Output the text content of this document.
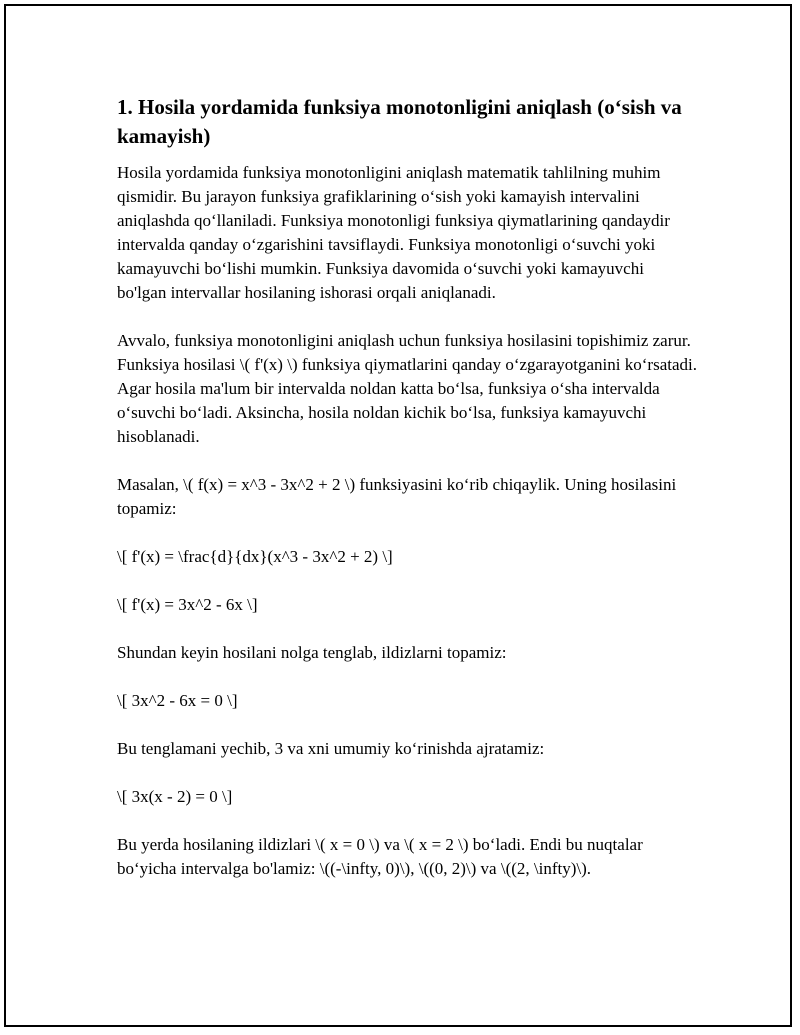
1. Hosila yordamida funksiya monotonligini aniqlash (oʻsish va kamayish)

Hosila yordamida funksiya monotonligini aniqlash matematik tahlilning muhim qismidir. Bu jarayon funksiya grafiklarining oʻsish yoki kamayish intervalini aniqlashda qoʻllaniladi. Funksiya monotonligi funksiya qiymatlarining qandaydir intervalda qanday oʻzgarishini tavsiflaydi. Funksiya monotonligi oʻsuvchi yoki kamayuvchi boʻlishi mumkin. Funksiya davomida oʻsuvchi yoki kamayuvchi bo'lgan intervallar hosilaning ishorasi orqali aniqlanadi.

Avvalo, funksiya monotonligini aniqlash uchun funksiya hosilasini topishimiz zarur. Funksiya hosilasi \( f'(x) \) funksiya qiymatlarini qanday oʻzgarayotganini koʻrsatadi. Agar hosila ma'lum bir intervalda noldan katta boʻlsa, funksiya oʻsha intervalda oʻsuvchi boʻladi. Aksincha, hosila noldan kichik boʻlsa, funksiya kamayuvchi hisoblanadi.

Masalan, \( f(x) = x^3 - 3x^2 + 2 \) funksiyasini koʻrib chiqaylik. Uning hosilasini topamiz:

\[ f'(x) = \frac{d}{dx}(x^3 - 3x^2 + 2) \]

\[ f'(x) = 3x^2 - 6x \]

Shundan keyin hosilani nolga tenglab, ildizlarni topamiz:

\[ 3x^2 - 6x = 0 \]

Bu tenglamani yechib, 3 va xni umumiy koʻrinishda ajratamiz:

\[ 3x(x - 2) = 0 \]

Bu yerda hosilaning ildizlari \( x = 0 \) va \( x = 2 \) boʻladi. Endi bu nuqtalar boʻyicha intervalga bo'lamiz: \((-\infty, 0)\), \((0, 2)\) va \((2, \infty)\).
